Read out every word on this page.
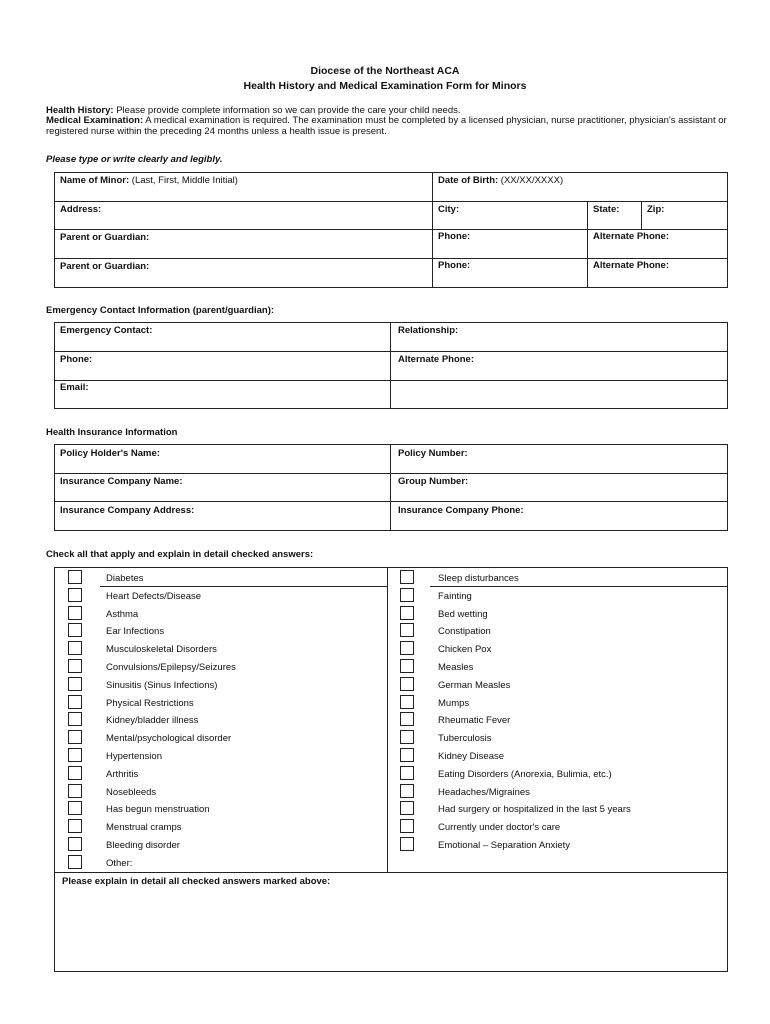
Diocese of the Northeast ACA
Health History and Medical Examination Form for Minors
Health History: Please provide complete information so we can provide the care your child needs.
Medical Examination: A medical examination is required. The examination must be completed by a licensed physician, nurse practitioner, physician's assistant or registered nurse within the preceding 24 months unless a health issue is present.
Please type or write clearly and legibly.
Name of Minor: (Last, First, Middle Initial)	Date of Birth: (XX/XX/XXXX)
Address:	City:	State:	Zip:
Parent or Guardian:	Phone:	Alternate Phone:
Parent or Guardian:	Phone:	Alternate Phone:
Emergency Contact Information (parent/guardian):
Emergency Contact:	Relationship:
Phone:	Alternate Phone:
Email:
Health Insurance Information
Policy Holder's Name:	Policy Number:
Insurance Company Name:	Group Number:
Insurance Company Address:	Insurance Company Phone:
Check all that apply and explain in detail checked answers:
Diabetes
Heart Defects/Disease
Asthma
Ear Infections
Musculoskeletal Disorders
Convulsions/Epilepsy/Seizures
Sinusitis (Sinus Infections)
Physical Restrictions
Kidney/bladder illness
Mental/psychological disorder
Hypertension
Arthritis
Nosebleeds
Has begun menstruation
Menstrual cramps
Bleeding disorder
Other:
Sleep disturbances
Fainting
Bed wetting
Constipation
Chicken Pox
Measles
German Measles
Mumps
Rheumatic Fever
Tuberculosis
Kidney Disease
Eating Disorders (Anorexia, Bulimia, etc.)
Headaches/Migraines
Had surgery or hospitalized in the last 5 years
Currently under doctor's care
Emotional – Separation Anxiety
Please explain in detail all checked answers marked above:
